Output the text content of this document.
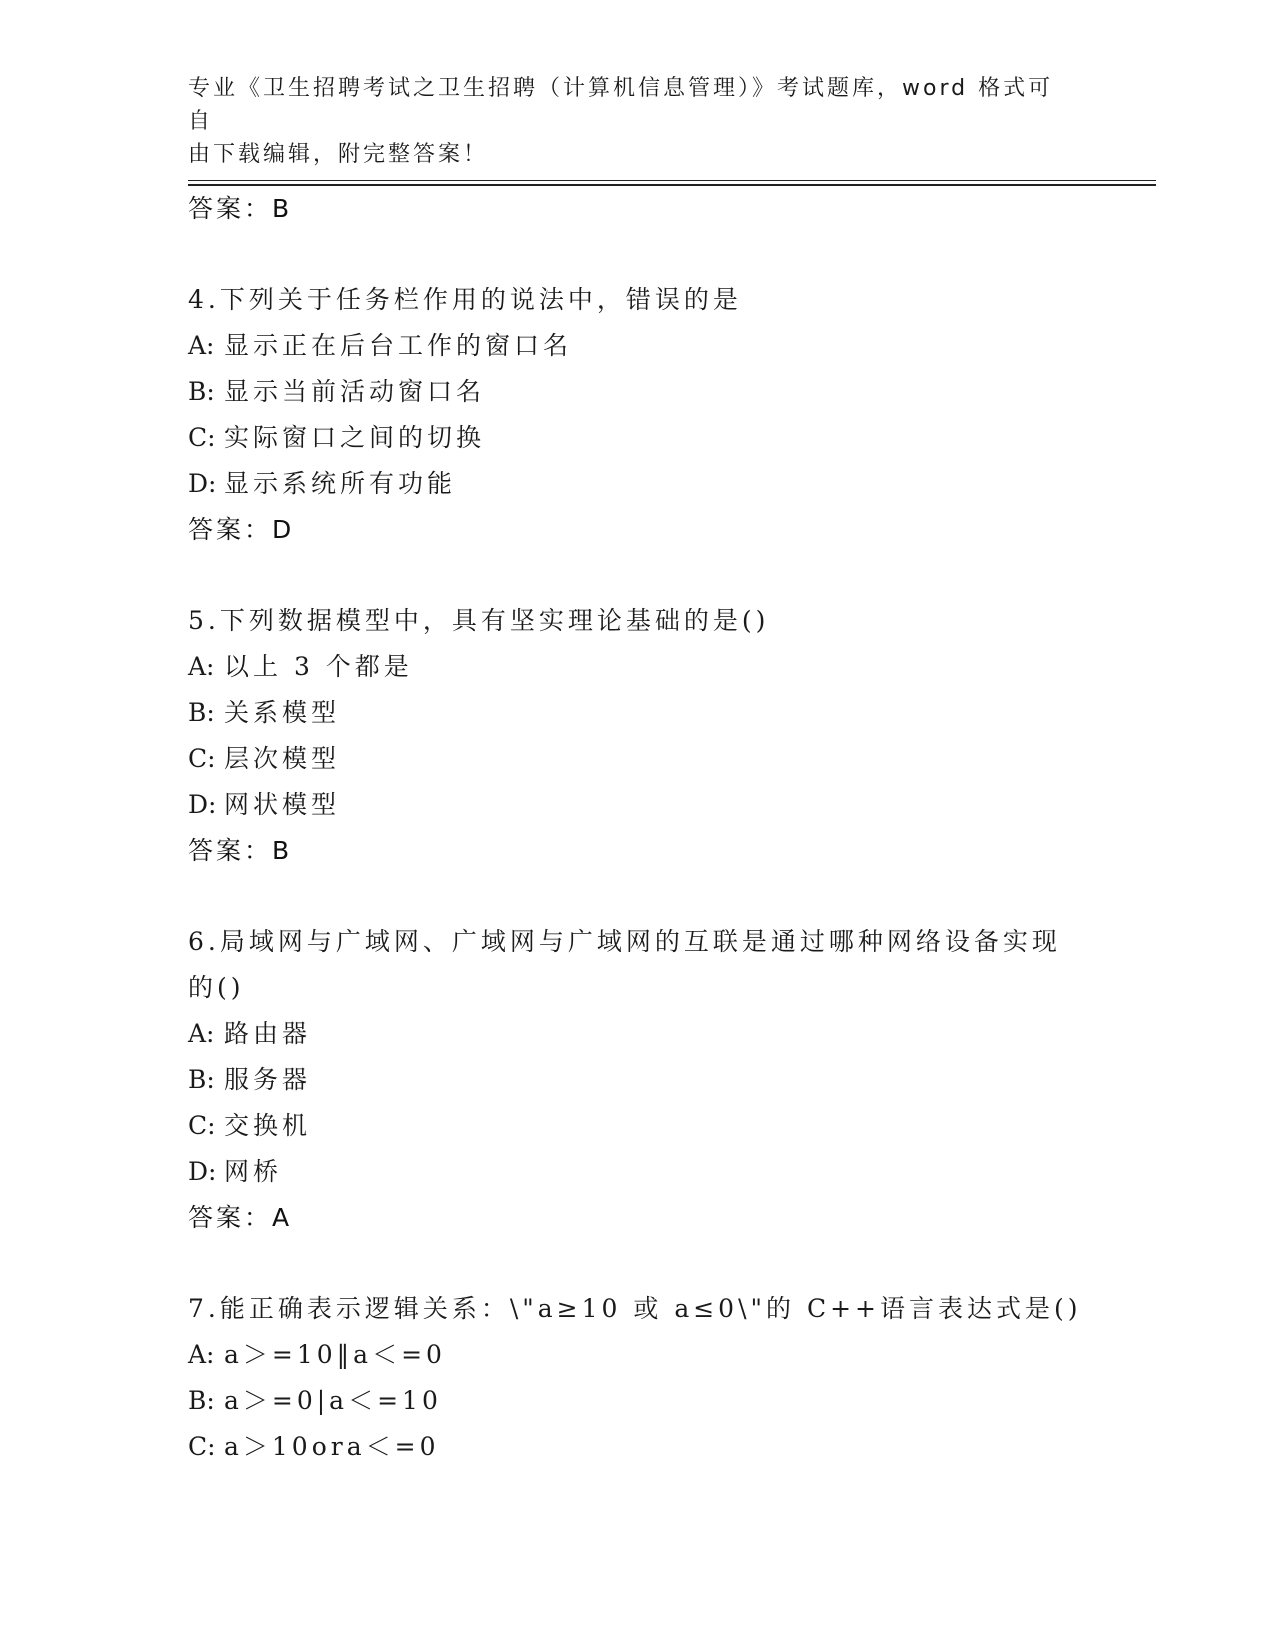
专业《卫生招聘考试之卫生招聘（计算机信息管理）》考试题库，word 格式可自
由下载编辑，附完整答案！
答案：B
4.下列关于任务栏作用的说法中，错误的是
A: 显示正在后台工作的窗口名
B: 显示当前活动窗口名
C: 实际窗口之间的切换
D: 显示系统所有功能
答案：D
5.下列数据模型中，具有坚实理论基础的是()
A: 以上 3 个都是
B: 关系模型
C: 层次模型
D: 网状模型
答案：B
6.局域网与广域网、广域网与广域网的互联是通过哪种网络设备实现的()
A: 路由器
B: 服务器
C: 交换机
D: 网桥
答案：A
7.能正确表示逻辑关系：\"a≥10 或 a≤0\"的 C++语言表达式是()
A: a＞=10‖a＜=0
B: a＞=0|a＜=10
C: a＞10ora＜=0
